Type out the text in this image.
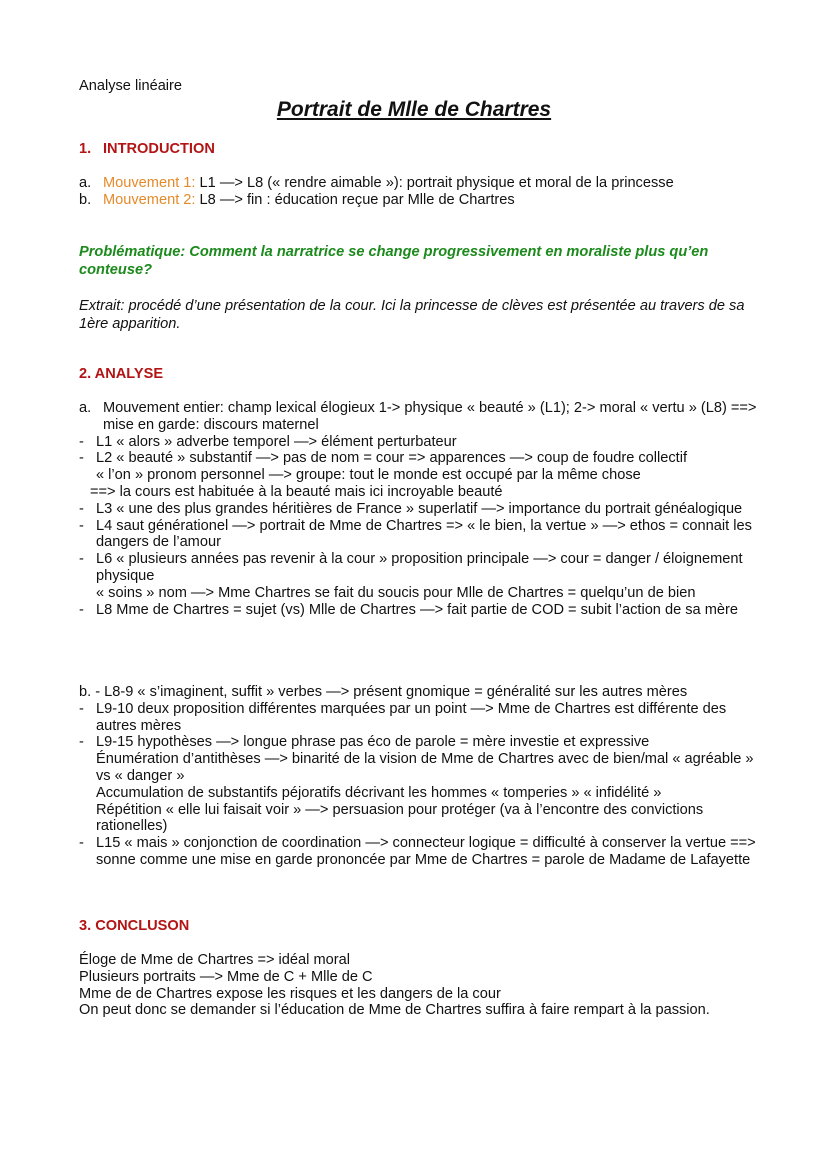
Analyse linéaire
Portrait de Mlle de Chartres
1. INTRODUCTION
a. Mouvement 1: L1 —> L8 (« rendre aimable »): portrait physique et moral de la princesse
b. Mouvement 2: L8 —> fin : éducation reçue par Mlle de Chartres
Problématique: Comment la narratrice se change progressivement en moraliste plus qu’en conteuse?
Extrait: procédé d’une présentation de la cour. Ici la princesse de clèves est présentée au travers de sa 1ère apparition.
2. ANALYSE
a. Mouvement entier: champ lexical élogieux 1-> physique « beauté » (L1); 2-> moral « vertu » (L8) ==> mise en garde: discours maternel
- L1 « alors » adverbe temporel —> élément perturbateur
- L2 « beauté » substantif —> pas de nom = cour => apparences —> coup de foudre collectif
« l’on » pronom personnel —> groupe: tout le monde est occupé par la même chose
==> la cours est habituée à la beauté mais ici incroyable beauté
- L3 « une des plus grandes héritières de France » superlatif —> importance du portrait généalogique
- L4 saut générationel —> portrait de Mme de Chartres => « le bien, la vertue » —> ethos = connait les dangers de l’amour
- L6 « plusieurs années pas revenir à la cour » proposition principale —> cour = danger / éloignement physique
« soins » nom —> Mme Chartres se fait du soucis pour Mlle de Chartres = quelqu’un de bien
- L8 Mme de Chartres = sujet (vs) Mlle de Chartres —> fait partie de COD = subit l’action de sa mère
b. - L8-9 « s’imaginent, suffit » verbes —> présent gnomique = généralité sur les autres mères
- L9-10 deux proposition différentes marquées par un point —> Mme de Chartres est différente des autres mères
- L9-15 hypothèses —> longue phrase pas éco de parole = mère investie et expressive
Énumération d’antithèses —> binarité de la vision de Mme de Chartres avec de bien/mal « agréable » vs « danger »
Accumulation de substantifs péjoratifs décrivant les hommes « tomperies » « infidélité »
Répétition « elle lui faisait voir » —> persuasion pour protéger (va à l’encontre des convictions rationelles)
- L15 « mais » conjonction de coordination —> connecteur logique = difficulté à conserver la vertue ==> sonne comme une mise en garde prononcée par Mme de Chartres = parole de Madame de Lafayette
3. CONCLUSON
Éloge de Mme de Chartres => idéal moral
Plusieurs portraits —> Mme de C + Mlle de C
Mme de de Chartres expose les risques et les dangers de la cour
On peut donc se demander si l’éducation de Mme de Chartres suffira à faire rempart à la passion.
